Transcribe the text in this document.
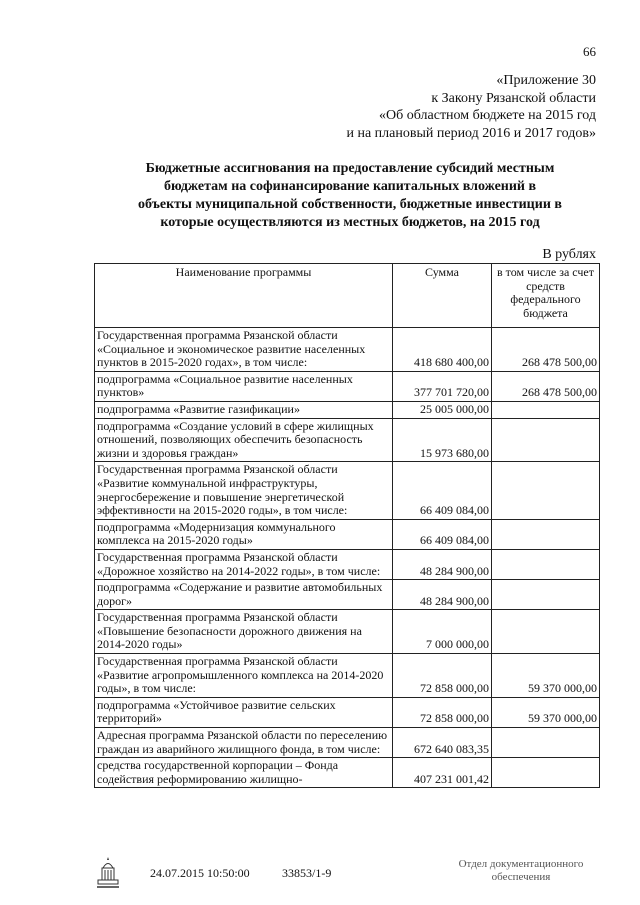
66
«Приложение 30
к Закону Рязанской области
«Об областном бюджете на 2015 год
и на плановый период 2016 и 2017 годов»
Бюджетные ассигнования на предоставление субсидий местным
бюджетам на софинансирование капитальных вложений в
объекты муниципальной собственности, бюджетные инвестиции в
которые осуществляются из местных бюджетов, на 2015 год
В рублях
Наименование программы	Сумма	в том числе за счет средств федерального бюджета
Государственная программа Рязанской области «Социальное и экономическое развитие населенных пунктов в 2015-2020 годах», в том числе:	418 680 400,00	268 478 500,00
подпрограмма «Социальное развитие населенных пунктов»	377 701 720,00	268 478 500,00
подпрограмма «Развитие газификации»	25 005 000,00	
подпрограмма «Создание условий в сфере жилищных отношений, позволяющих обеспечить безопасность жизни и здоровья граждан»	15 973 680,00	
Государственная программа Рязанской области «Развитие коммунальной инфраструктуры, энергосбережение и повышение энергетической эффективности на 2015-2020 годы», в том числе:	66 409 084,00	
подпрограмма «Модернизация коммунального комплекса на 2015-2020 годы»	66 409 084,00	
Государственная программа Рязанской области «Дорожное хозяйство на 2014-2022 годы», в том числе:	48 284 900,00	
подпрограмма «Содержание и развитие автомобильных дорог»	48 284 900,00	
Государственная программа Рязанской области «Повышение безопасности дорожного движения на 2014-2020 годы»	7 000 000,00	
Государственная программа Рязанской области «Развитие агропромышленного комплекса на 2014-2020 годы», в том числе:	72 858 000,00	59 370 000,00
подпрограмма «Устойчивое развитие сельских территорий»	72 858 000,00	59 370 000,00
Адресная программа Рязанской области по переселению граждан из аварийного жилищного фонда, в том числе:	672 640 083,35	
средства государственной корпорации – Фонда содействия реформированию жилищно-	407 231 001,42	
24.07.2015 10:50:00	33853/1-9
Отдел документационного обеспечения
